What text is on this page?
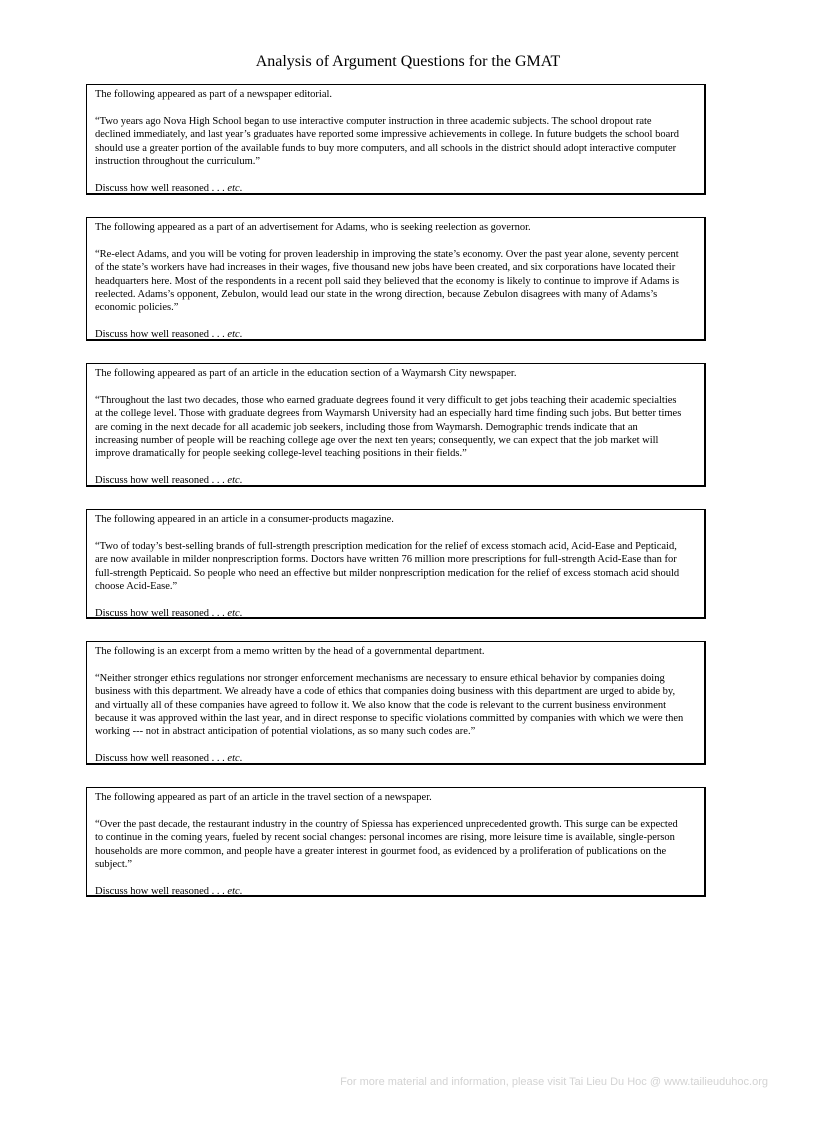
Analysis of Argument Questions for the GMAT

The following appeared as part of a newspaper editorial.

“Two years ago Nova High School began to use interactive computer instruction in three academic subjects. The school dropout rate
declined immediately, and last year’s graduates have reported some impressive achievements in college. In future budgets the school board
should use a greater portion of the available funds to buy more computers, and all schools in the district should adopt interactive computer
instruction throughout the curriculum.”

Discuss how well reasoned . . . etc.

The following appeared as a part of an advertisement for Adams, who is seeking reelection as governor.

“Re-elect Adams, and you will be voting for proven leadership in improving the state’s economy. Over the past year alone, seventy percent
of the state’s workers have had increases in their wages, five thousand new jobs have been created, and six corporations have located their
headquarters here. Most of the respondents in a recent poll said they believed that the economy is likely to continue to improve if Adams is
reelected. Adams’s opponent, Zebulon, would lead our state in the wrong direction, because Zebulon disagrees with many of Adams’s
economic policies.”

Discuss how well reasoned . . . etc.

The following appeared as part of an article in the education section of a Waymarsh City newspaper.

“Throughout the last two decades, those who earned graduate degrees found it very difficult to get jobs teaching their academic specialties
at the college level. Those with graduate degrees from Waymarsh University had an especially hard time finding such jobs. But better times
are coming in the next decade for all academic job seekers, including those from Waymarsh. Demographic trends indicate that an
increasing number of people will be reaching college age over the next ten years; consequently, we can expect that the job market will
improve dramatically for people seeking college-level teaching positions in their fields.”

Discuss how well reasoned . . . etc.

The following appeared in an article in a consumer-products magazine.

“Two of today’s best-selling brands of full-strength prescription medication for the relief of excess stomach acid, Acid-Ease and Pepticaid,
are now available in milder nonprescription forms. Doctors have written 76 million more prescriptions for full-strength Acid-Ease than for
full-strength Pepticaid. So people who need an effective but milder nonprescription medication for the relief of excess stomach acid should
choose Acid-Ease.”

Discuss how well reasoned . . . etc.

The following is an excerpt from a memo written by the head of a governmental department.

“Neither stronger ethics regulations nor stronger enforcement mechanisms are necessary to ensure ethical behavior by companies doing
business with this department. We already have a code of ethics that companies doing business with this department are urged to abide by,
and virtually all of these companies have agreed to follow it. We also know that the code is relevant to the current business environment
because it was approved within the last year, and in direct response to specific violations committed by companies with which we were then
working --- not in abstract anticipation of potential violations, as so many such codes are.”

Discuss how well reasoned . . . etc.

The following appeared as part of an article in the travel section of a newspaper.

“Over the past decade, the restaurant industry in the country of Spiessa has experienced unprecedented growth. This surge can be expected
to continue in the coming years, fueled by recent social changes: personal incomes are rising, more leisure time is available, single-person
households are more common, and people have a greater interest in gourmet food, as evidenced by a proliferation of publications on the
subject.”

Discuss how well reasoned . . . etc.

For more material and information, please visit Tai Lieu Du Hoc @ www.tailieuduhoc.org
